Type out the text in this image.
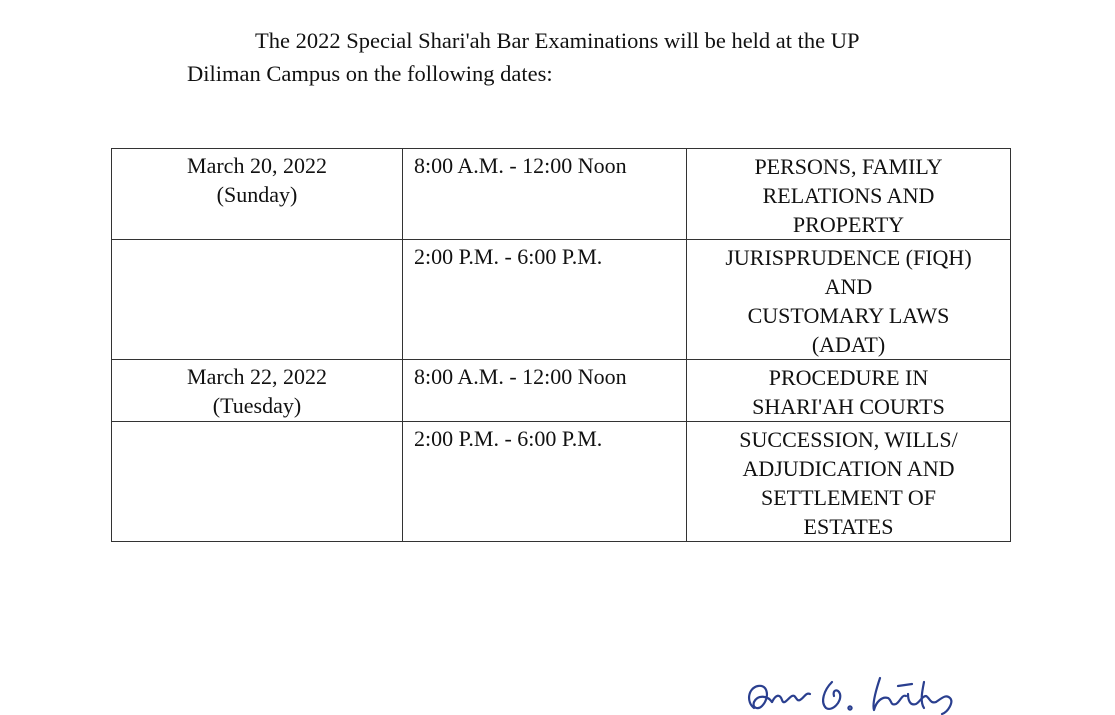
The 2022 Special Shari'ah Bar Examinations will be held at the UP
Diliman Campus on the following dates:

March 20, 2022
(Sunday)	8:00 A.M. - 12:00 Noon	PERSONS, FAMILY
RELATIONS AND
PROPERTY

	2:00 P.M. - 6:00 P.M.	JURISPRUDENCE (FIQH)
AND
CUSTOMARY LAWS
(ADAT)

March 22, 2022
(Tuesday)	8:00 A.M. - 12:00 Noon	PROCEDURE IN
SHARI'AH COURTS

	2:00 P.M. - 6:00 P.M.	SUCCESSION, WILLS/
ADJUDICATION AND
SETTLEMENT OF
ESTATES
